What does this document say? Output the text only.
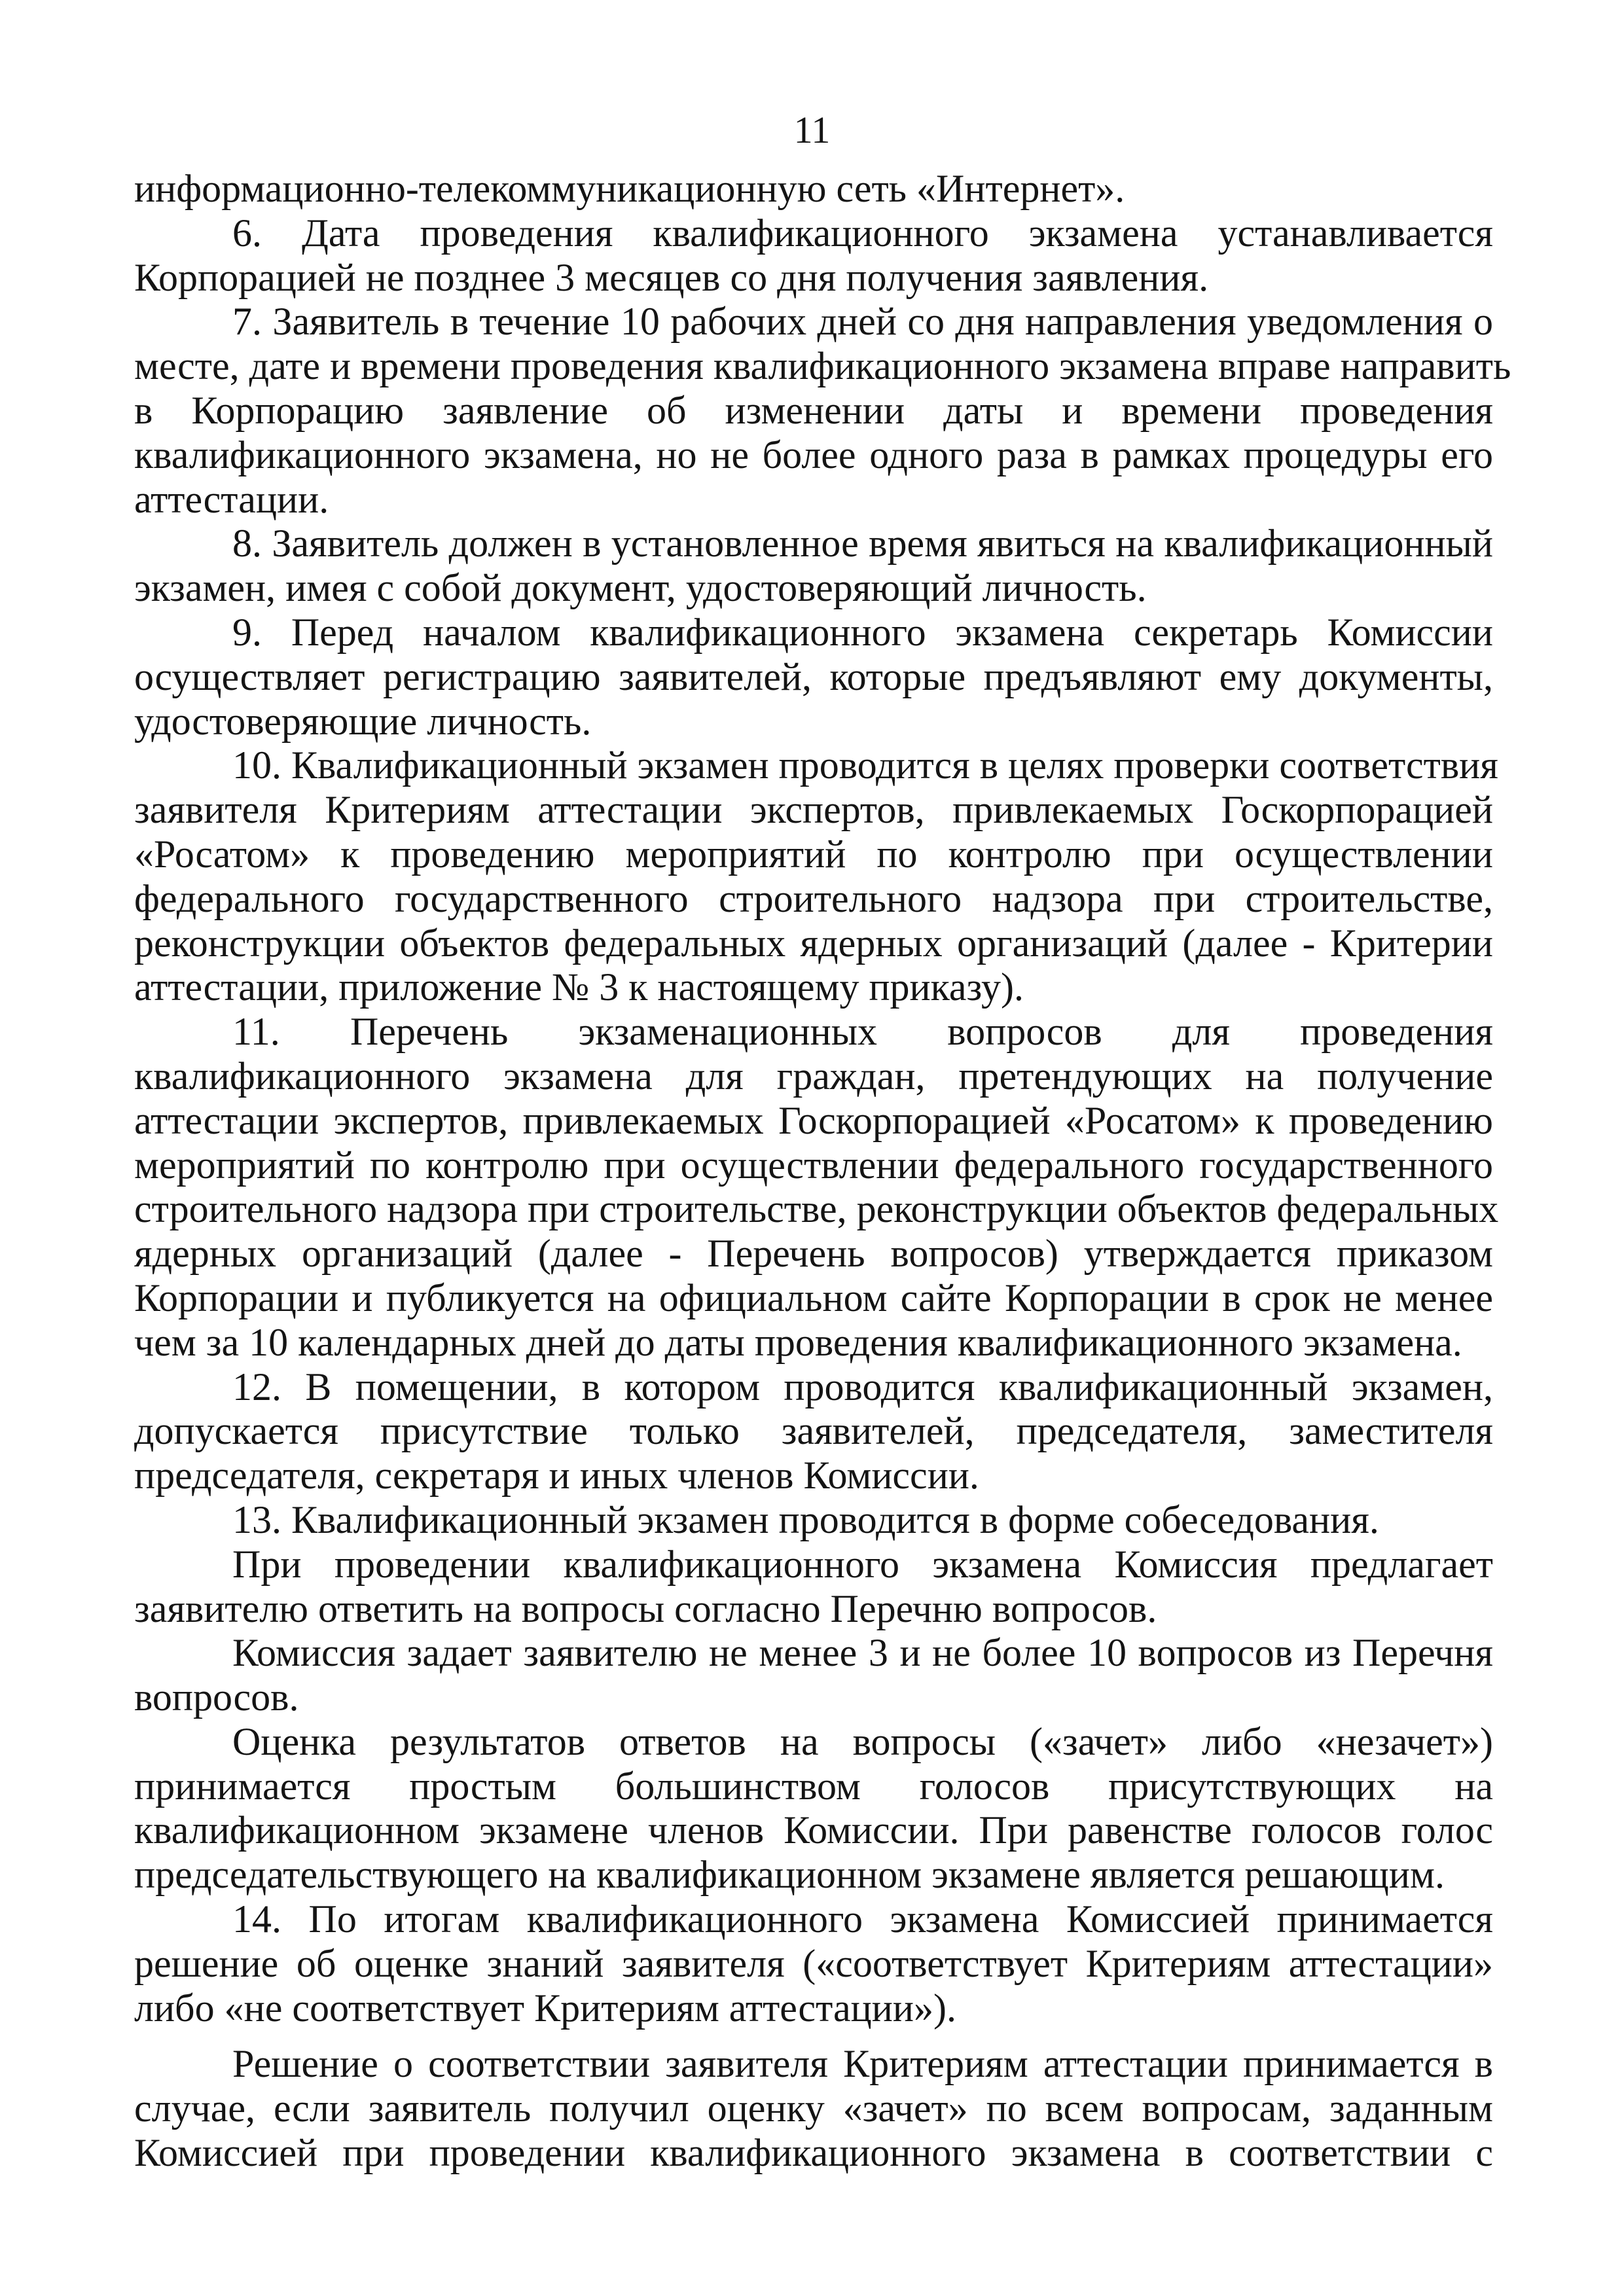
11
информационно-телекоммуникационную сеть «Интернет».
6. Дата проведения квалификационного экзамена устанавливается
Корпорацией не позднее 3 месяцев со дня получения заявления.
7. Заявитель в течение 10 рабочих дней со дня направления уведомления о
месте, дате и времени проведения квалификационного экзамена вправе направить
в Корпорацию заявление об изменении даты и времени проведения
квалификационного экзамена, но не более одного раза в рамках процедуры его
аттестации.
8. Заявитель должен в установленное время явиться на квалификационный
экзамен, имея с собой документ, удостоверяющий личность.
9. Перед началом квалификационного экзамена секретарь Комиссии
осуществляет регистрацию заявителей, которые предъявляют ему документы,
удостоверяющие личность.
10. Квалификационный экзамен проводится в целях проверки соответствия
заявителя Критериям аттестации экспертов, привлекаемых Госкорпорацией
«Росатом» к проведению мероприятий по контролю при осуществлении
федерального государственного строительного надзора при строительстве,
реконструкции объектов федеральных ядерных организаций (далее - Критерии
аттестации, приложение № 3 к настоящему приказу).
11. Перечень экзаменационных вопросов для проведения
квалификационного экзамена для граждан, претендующих на получение
аттестации экспертов, привлекаемых Госкорпорацией «Росатом» к проведению
мероприятий по контролю при осуществлении федерального государственного
строительного надзора при строительстве, реконструкции объектов федеральных
ядерных организаций (далее - Перечень вопросов) утверждается приказом
Корпорации и публикуется на официальном сайте Корпорации в срок не менее
чем за 10 календарных дней до даты проведения квалификационного экзамена.
12. В помещении, в котором проводится квалификационный экзамен,
допускается присутствие только заявителей, председателя, заместителя
председателя, секретаря и иных членов Комиссии.
13. Квалификационный экзамен проводится в форме собеседования.
При проведении квалификационного экзамена Комиссия предлагает
заявителю ответить на вопросы согласно Перечню вопросов.
Комиссия задает заявителю не менее 3 и не более 10 вопросов из Перечня
вопросов.
Оценка результатов ответов на вопросы («зачет» либо «незачет»)
принимается простым большинством голосов присутствующих на
квалификационном экзамене членов Комиссии. При равенстве голосов голос
председательствующего на квалификационном экзамене является решающим.
14. По итогам квалификационного экзамена Комиссией принимается
решение об оценке знаний заявителя («соответствует Критериям аттестации»
либо «не соответствует Критериям аттестации»).
Решение о соответствии заявителя Критериям аттестации принимается в
случае, если заявитель получил оценку «зачет» по всем вопросам, заданным
Комиссией при проведении квалификационного экзамена в соответствии с
